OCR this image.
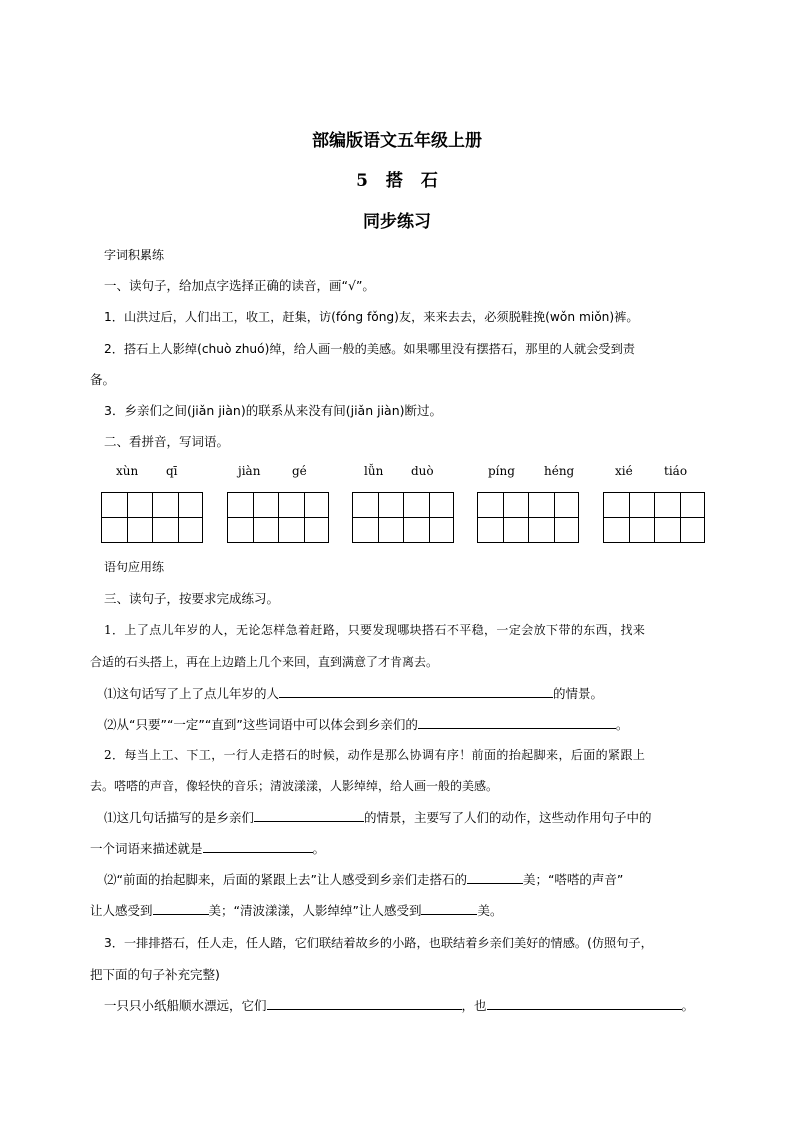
部编版语文五年级上册
5 搭 石
同步练习
字词积累练
一、读句子，给加点字选择正确的读音，画“√”。
1．山洪过后，人们出工，收工，赶集，访(fóng fǒng)友，来来去去，必须脱鞋挽(wǒn miǒn)裤。
2．搭石上人影绰(chuò zhuó)绰，给人画一般的美感。如果哪里没有摆搭石，那里的人就会受到责
备。
3．乡亲们之间(jiǎn jiàn)的联系从来没有间(jiǎn jiàn)断过。
二、看拼音，写词语。
xùn qī	jiàn	gé	lǚn duò	píng héng	xié	tiáo
语句应用练
三、读句子，按要求完成练习。
1．上了点儿年岁的人，无论怎样急着赶路，只要发现哪块搭石不平稳，一定会放下带的东西，找来
合适的石头搭上，再在上边踏上几个来回，直到满意了才肯离去。
⑴这句话写了上了点儿年岁的人	的情景。
⑵从“只要”“一定”“直到”这些词语中可以体会到乡亲们的	。
2．每当上工、下工，一行人走搭石的时候，动作是那么协调有序！前面的抬起脚来，后面的紧跟上
去。嗒嗒的声音，像轻快的音乐；清波漾漾，人影绰绰，给人画一般的美感。
⑴这几句话描写的是乡亲们	的情景，主要写了人们的动作，这些动作用句子中的
一个词语来描述就是	。
⑵“前面的抬起脚来，后面的紧跟上去”让人感受到乡亲们走搭石的	美；“嗒嗒的声音”
让人感受到	美；“清波漾漾，人影绰绰”让人感受到	美。
3．一排排搭石，任人走，任人踏，它们联结着故乡的小路，也联结着乡亲们美好的情感。(仿照句子，
把下面的句子补充完整)
一只只小纸船顺水漂远，它们	，也	。
